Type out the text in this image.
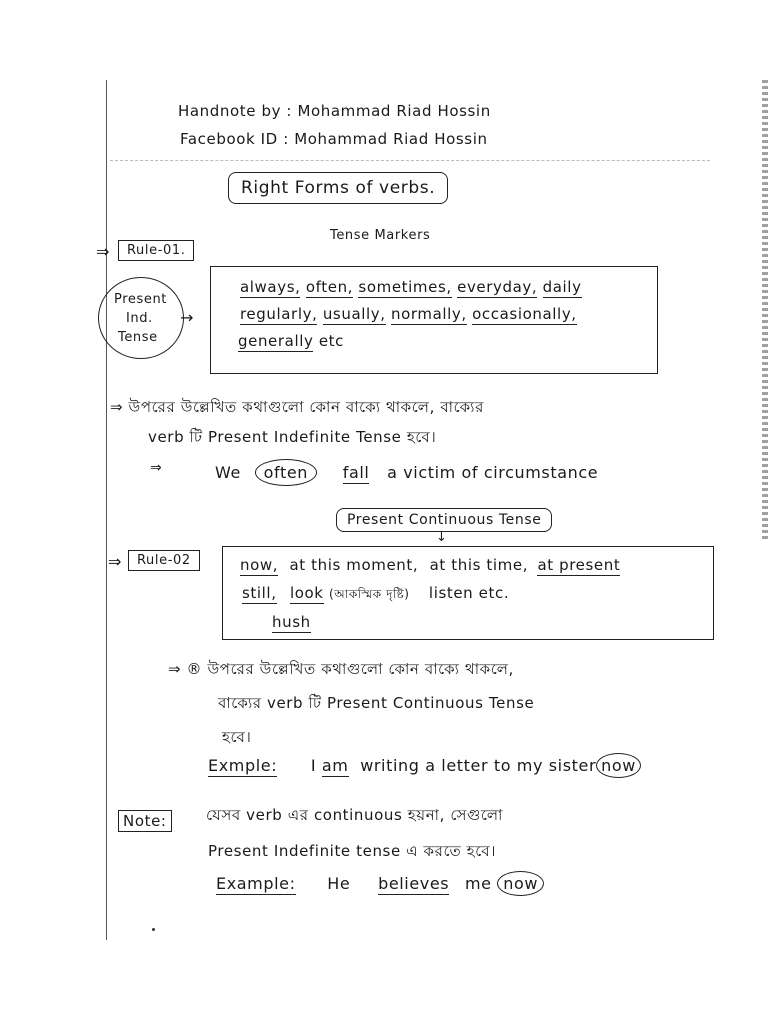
Handnote by : Mohammad Riad Hossin
Facebook ID : Mohammad Riad Hossin
Right Forms of verbs.
Tense Markers
⇒	Rule-01.
Present
Ind.
Tense
→
always, often, sometimes, everyday, daily
regularly, usually, normally, occasionally,
generally etc
⇒ উপরের উল্লেখিত কথাগুলো কোন বাক্যে থাকলে, বাক্যের
verb টি Present Indefinite Tense হবে।
⇒	We often fall a victim of circumstance
Present Continuous Tense
↓
⇒	Rule-02	now, at this moment, at this time, at present
still, look (আকস্মিক দৃষ্টি) listen etc.
hush
⇒ ® উপরের উল্লেখিত কথাগুলো কোন বাক্যে থাকলে,
বাক্যের verb টি Present Continuous Tense
হবে।
Exmple: I am writing a letter to my sister now
Note:	যেসব verb এর continuous হয়না, সেগুলো
Present Indefinite tense এ করতে হবে।
Example: He believes me now
